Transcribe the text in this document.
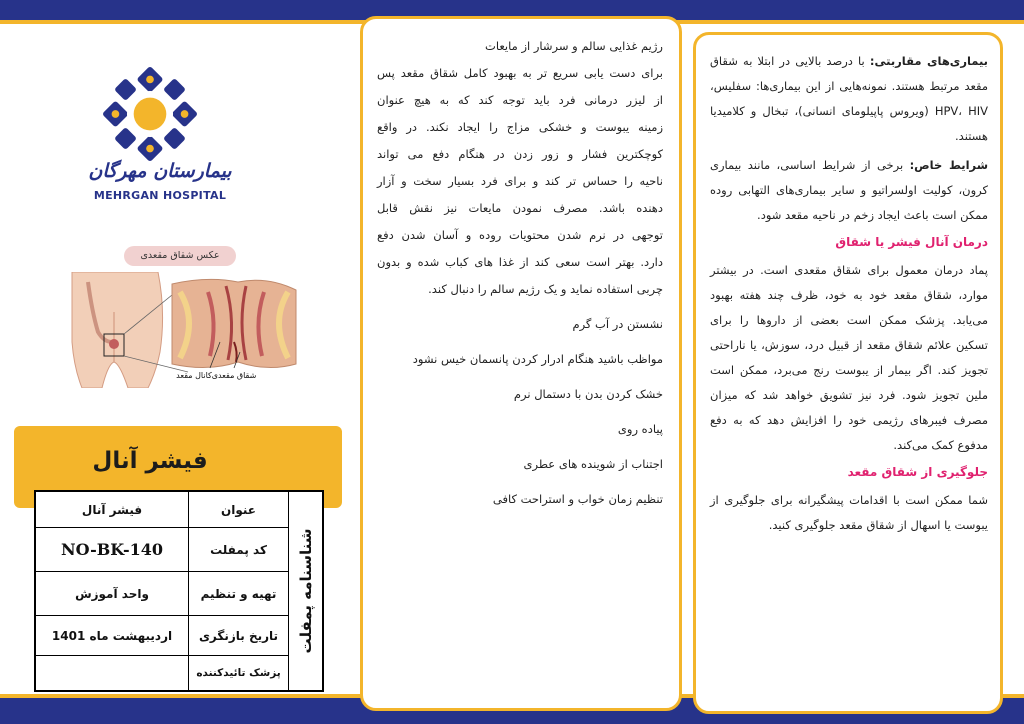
بیمارستان مهرگان
MEHRGAN HOSPITAL
عکس شقاق مقعدی
شقاق مقعدی
کانال مقعد
فیشر آنال
شناسنامه پمفلت
عنوان
فیشر آنال
کد پمفلت
NO-BK-140
تهیه و تنظیم
واحد آموزش
تاریخ بازنگری
اردیبهشت ماه 1401
پزشک تائیدکننده
رژیم غذایی سالم و سرشار از مایعات
برای دست یابی سریع تر به بهبود کامل شقاق مقعد پس
از لیزر درمانی فرد باید توجه کند که به هیچ عنوان
زمینه یبوست و خشکی مزاج را ایجاد نکند. در واقع
کوچکترین فشار و زور زدن در هنگام دفع می تواند
ناحیه را حساس تر کند و برای فرد بسیار سخت و آزار
دهنده باشد. مصرف نمودن مایعات نیز نقش قابل
توجهی در نرم شدن محتویات روده و آسان شدن دفع
دارد. بهتر است سعی کند از غذا های کباب شده و بدون
چربی استفاده نماید و یک رژیم سالم را دنبال کند.
نشستن در آب گرم
مواظب باشید هنگام ادرار کردن پانسمان خیس نشود
خشک کردن بدن با دستمال نرم
پیاده روی
اجتناب از شوینده های عطری
تنظیم زمان خواب و استراحت کافی

بیماری‌های مقاربتی: با درصد بالایی در ابتلا به شقاق مقعد مرتبط هستند. نمونه‌هایی از این بیماری‌ها: سفلیس، HPV، HIV (ویروس پاپیلومای انسانی)، تبخال و کلامیدیا هستند.

شرایط خاص: برخی از شرایط اساسی، مانند بیماری کرون، کولیت اولسراتیو و سایر بیماری‌های التهابی روده ممکن است باعث ایجاد زخم در ناحیه مقعد شود.

درمان آنال فیشر یا شقاق

پماد درمان معمول برای شقاق مقعدی است. در بیشتر موارد، شقاق مقعد خود به خود، ظرف چند هفته بهبود می‌یابد. پزشک ممکن است بعضی از داروها را برای تسکین علائم شقاق مقعد از قبیل درد، سوزش، یا ناراحتی تجویز کند. اگر بیمار از یبوست رنج می‌برد، ممکن است ملین تجویز شود. فرد نیز تشویق خواهد شد که میزان مصرف فیبرهای رژیمی خود را افزایش دهد که به دفع مدفوع کمک می‌کند.

جلوگیری از شقاق مقعد

شما ممکن است با اقدامات پیشگیرانه برای جلوگیری از یبوست یا اسهال از شقاق مقعد جلوگیری کنید.
